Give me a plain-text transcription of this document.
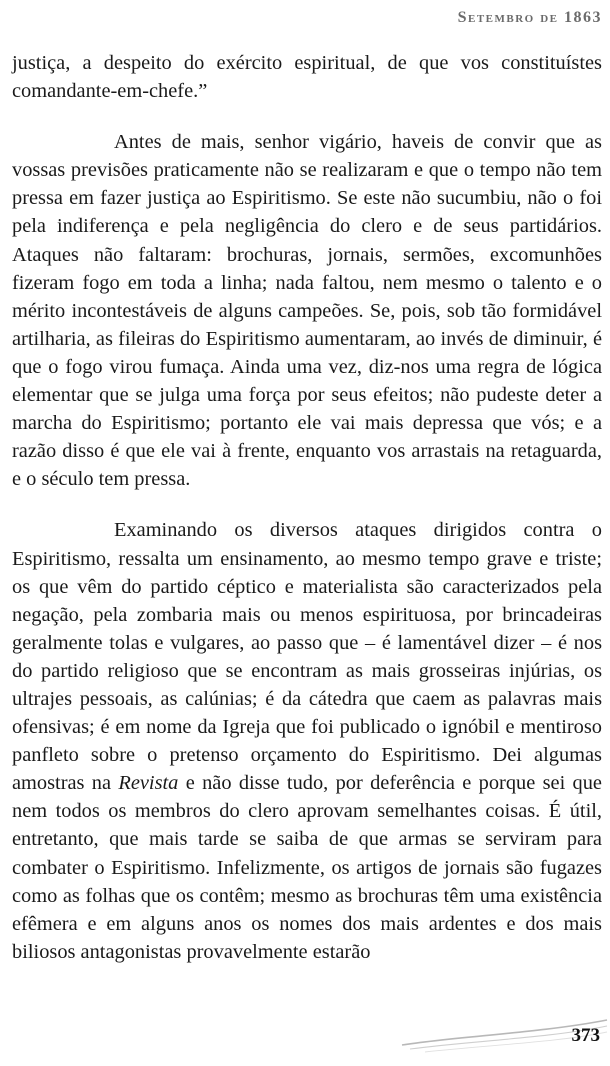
Setembro de 1863

justiça, a despeito do exército espiritual, de que vos constituístes comandante-em-chefe.”

Antes de mais, senhor vigário, haveis de convir que as vossas previsões praticamente não se realizaram e que o tempo não tem pressa em fazer justiça ao Espiritismo. Se este não sucumbiu, não o foi pela indiferença e pela negligência do clero e de seus partidários. Ataques não faltaram: brochuras, jornais, sermões, excomunhões fizeram fogo em toda a linha; nada faltou, nem mesmo o talento e o mérito incontestáveis de alguns campeões. Se, pois, sob tão formidável artilharia, as fileiras do Espiritismo aumentaram, ao invés de diminuir, é que o fogo virou fumaça. Ainda uma vez, diz-nos uma regra de lógica elementar que se julga uma força por seus efeitos; não pudeste deter a marcha do Espiritismo; portanto ele vai mais depressa que vós; e a razão disso é que ele vai à frente, enquanto vos arrastais na retaguarda, e o século tem pressa.

Examinando os diversos ataques dirigidos contra o Espiritismo, ressalta um ensinamento, ao mesmo tempo grave e triste; os que vêm do partido céptico e materialista são caracterizados pela negação, pela zombaria mais ou menos espirituosa, por brincadeiras geralmente tolas e vulgares, ao passo que – é lamentável dizer – é nos do partido religioso que se encontram as mais grosseiras injúrias, os ultrajes pessoais, as calúnias; é da cátedra que caem as palavras mais ofensivas; é em nome da Igreja que foi publicado o ignóbil e mentiroso panfleto sobre o pretenso orçamento do Espiritismo. Dei algumas amostras na Revista e não disse tudo, por deferência e porque sei que nem todos os membros do clero aprovam semelhantes coisas. É útil, entretanto, que mais tarde se saiba de que armas se serviram para combater o Espiritismo. Infelizmente, os artigos de jornais são fugazes como as folhas que os contêm; mesmo as brochuras têm uma existência efêmera e em alguns anos os nomes dos mais ardentes e dos mais biliosos antagonistas provavelmente estarão

373
